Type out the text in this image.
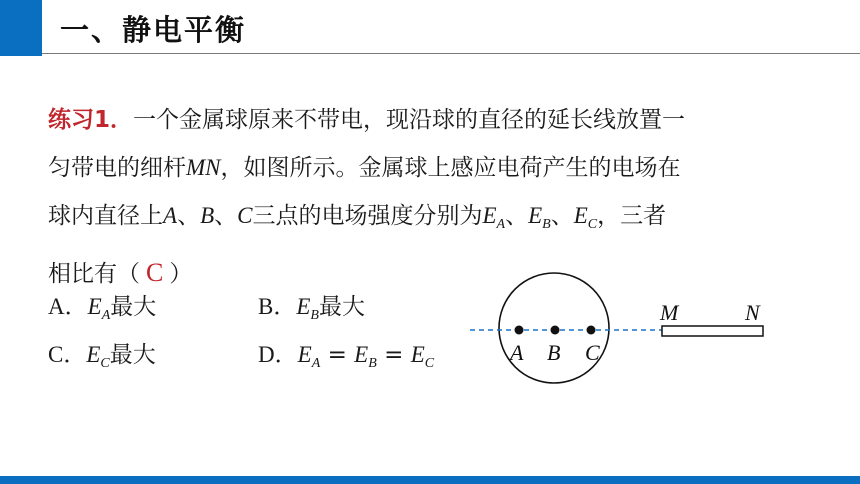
一、静电平衡
练习1．一个金属球原来不带电，现沿球的直径的延长线放置一
匀带电的细杆MN，如图所示。金属球上感应电荷产生的电场在
球内直径上A、B、C三点的电场强度分别为$E_A$、$E_B$、$E_C$，三者
相比有（ C ）
A．$E_A$最大	B．$E_B$最大
C．$E_C$最大	D．$E_A = E_B = E_C$	A B C
M	N
